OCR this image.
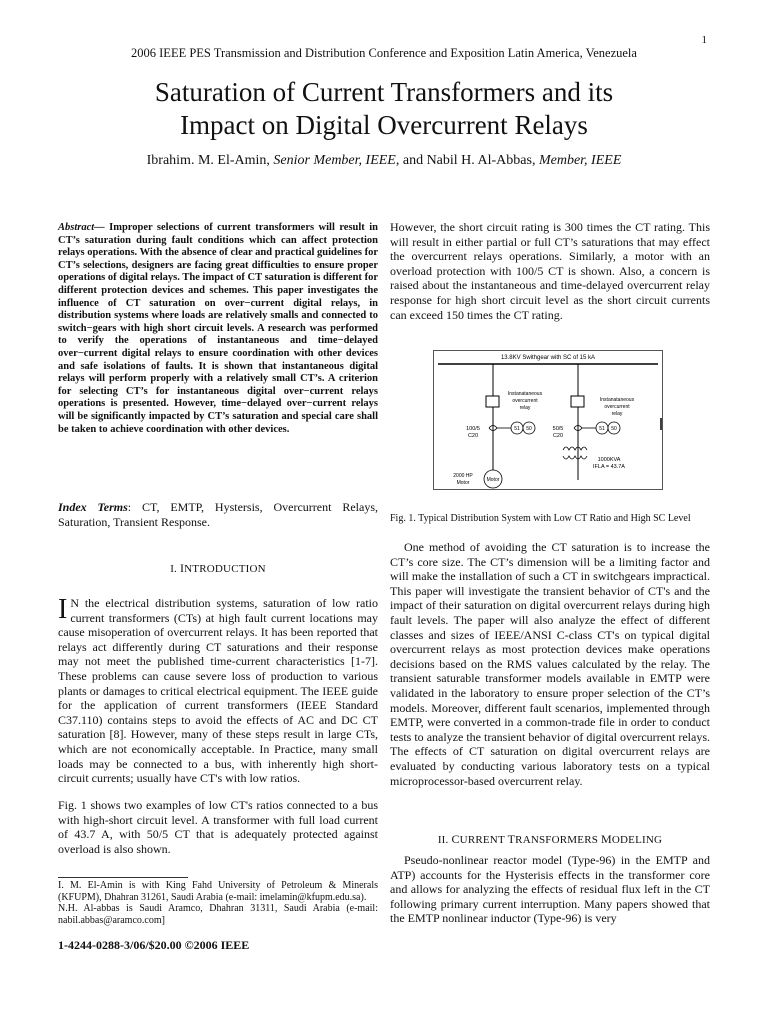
1
2006 IEEE PES Transmission and Distribution Conference and Exposition Latin America, Venezuela
Saturation of Current Transformers and its
Impact on Digital Overcurrent Relays
Ibrahim. M. El-Amin, Senior Member, IEEE, and Nabil H. Al-Abbas, Member, IEEE
Abstract— Improper selections of current transformers will result in CT’s saturation during fault conditions which can affect protection relays operations. With the absence of clear and practical guidelines for CT’s selections, designers are facing great difficulties to ensure proper operations of digital relays. The impact of CT saturation is different for different protection devices and schemes. This paper investigates the influence of CT saturation on over−current digital relays, in distribution systems where loads are relatively smalls and connected to switch−gears with high short circuit levels. A research was performed to verify the operations of instantaneous and time−delayed over−current digital relays to ensure coordination with other devices and safe isolations of faults. It is shown that instantaneous digital relays will perform properly with a relatively small CT’s. A criterion for selecting CT’s for instantaneous digital over−current relays operations is presented. However, time−delayed over−current relays will be significantly impacted by CT’s saturation and special care shall be taken to achieve coordination with other devices.
Index Terms: CT, EMTP, Hystersis, Overcurrent Relays, Saturation, Transient Response.
I. INTRODUCTION
I N the electrical distribution systems, saturation of low ratio current transformers (CTs) at high fault current locations may cause misoperation of overcurrent relays. It has been reported that relays act differently during CT saturations and their response may not meet the published time-current characteristics [1-7]. These problems can cause severe loss of production to various plants or damages to critical electrical equipment. The IEEE guide for the application of current transformers (IEEE Standard C37.110) contains steps to avoid the effects of AC and DC CT saturation [8]. However, many of these steps result in large CTs, which are not economically acceptable. In Practice, many small loads may be connected to a bus, with inherently high short-circuit currents; usually have CT's with low ratios.
Fig. 1 shows two examples of low CT's ratios connected to a bus with high-short circuit level. A transformer with full load current of 43.7 A, with 50/5 CT that is adequately protected against overload is also shown.
I. M. El-Amin is with King Fahd University of Petroleum & Minerals (KFUPM), Dhahran 31261, Saudi Arabia (e-mail: imelamin@kfupm.edu.sa).
N.H. Al-abbas is Saudi Aramco, Dhahran 31311, Saudi Arabia (e-mail: nabil.abbas@aramco.com]
1-4244-0288-3/06/$20.00 ©2006 IEEE
However, the short circuit rating is 300 times the CT rating. This will result in either partial or full CT’s saturations that may effect the overcurrent relays operations. Similarly, a motor with an overload protection with 100/5 CT is shown. Also, a concern is raised about the instantaneous and time-delayed overcurrent relay response for high short circuit level as the short circuit currents can exceed 150 times the CT rating.
13.8KV Swithgear with SC of 15 kA
Instanataneous
overcurrent
relay
Instanataneous
overcurrent
relay
100/5
C20
50/5
C20
51 50	51 50
1000KVA
IFLA = 43.7A
Motor
2000 HP
Motor
Fig. 1. Typical Distribution System with Low CT Ratio and High SC Level
One method of avoiding the CT saturation is to increase the CT’s core size. The CT’s dimension will be a limiting factor and will make the installation of such a CT in switchgears impractical. This paper will investigate the transient behavior of CT's and the impact of their saturation on digital overcurrent relays during high fault levels. The paper will also analyze the effect of different classes and sizes of IEEE/ANSI C-class CT's on typical digital overcurrent relays as most protection devices make operations decisions based on the RMS values calculated by the relay. The transient saturable transformer models available in EMTP were validated in the laboratory to ensure proper selection of the CT’s models. Moreover, different fault scenarios, implemented through EMTP, were converted in a common-trade file in order to conduct tests to analyze the transient behavior of digital overcurrent relays. The effects of CT saturation on digital overcurrent relays are evaluated by conducting various laboratory tests on a typical microprocessor-based overcurrent relay.
II. CURRENT TRANSFORMERS MODELING
Pseudo-nonlinear reactor model (Type-96) in the EMTP and ATP) accounts for the Hysterisis effects in the transformer core and allows for analyzing the effects of residual flux left in the CT following primary current interruption. Many papers showed that the EMTP nonlinear inductor (Type-96) is very
